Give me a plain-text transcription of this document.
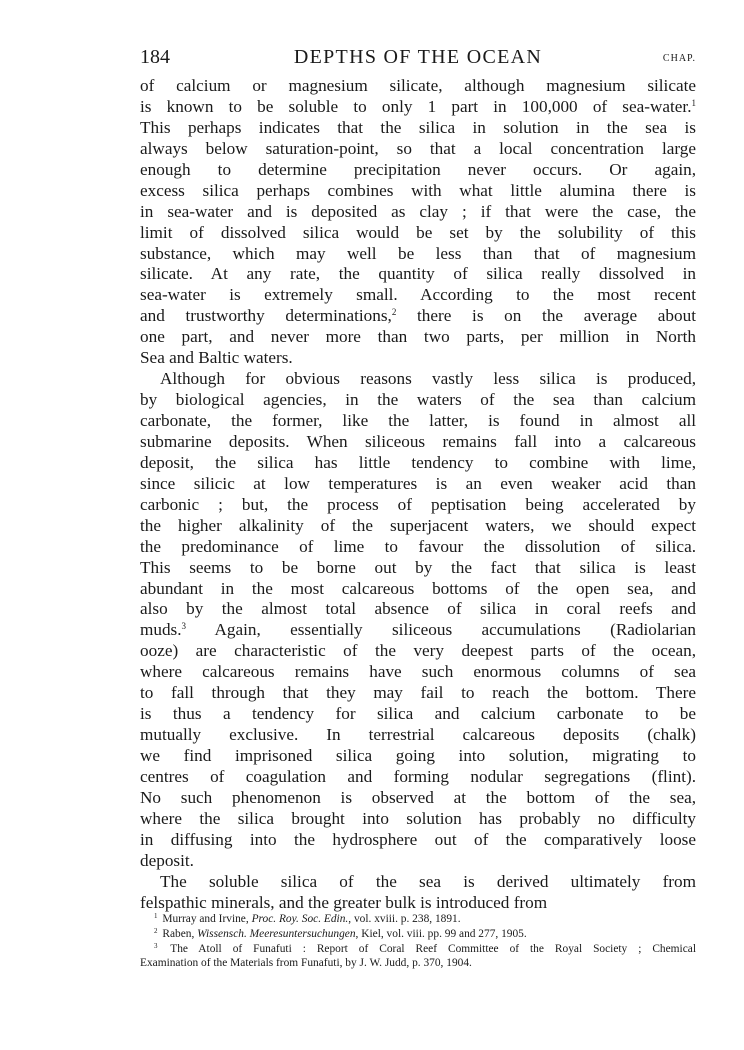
184	DEPTHS OF THE OCEAN	CHAP.
of calcium or magnesium silicate, although magnesium silicate
is known to be soluble to only 1 part in 100,000 of sea-water.$^1$
This perhaps indicates that the silica in solution in the sea is
always below saturation-point, so that a local concentration large
enough to determine precipitation never occurs. Or again,
excess silica perhaps combines with what little alumina there is
in sea-water and is deposited as clay ; if that were the case, the
limit of dissolved silica would be set by the solubility of this
substance, which may well be less than that of magnesium
silicate. At any rate, the quantity of silica really dissolved in
sea-water is extremely small. According to the most recent
and trustworthy determinations,$^2$ there is on the average about
one part, and never more than two parts, per million in North
Sea and Baltic waters.
Although for obvious reasons vastly less silica is produced,
by biological agencies, in the waters of the sea than calcium
carbonate, the former, like the latter, is found in almost all
submarine deposits. When siliceous remains fall into a calcareous
deposit, the silica has little tendency to combine with lime,
since silicic at low temperatures is an even weaker acid than
carbonic ; but, the process of peptisation being accelerated by
the higher alkalinity of the superjacent waters, we should expect
the predominance of lime to favour the dissolution of silica.
This seems to be borne out by the fact that silica is least
abundant in the most calcareous bottoms of the open sea, and
also by the almost total absence of silica in coral reefs and
muds.$^3$ Again, essentially siliceous accumulations (Radiolarian
ooze) are characteristic of the very deepest parts of the ocean,
where calcareous remains have such enormous columns of sea
to fall through that they may fail to reach the bottom. There
is thus a tendency for silica and calcium carbonate to be
mutually exclusive. In terrestrial calcareous deposits (chalk)
we find imprisoned silica going into solution, migrating to
centres of coagulation and forming nodular segregations (flint).
No such phenomenon is observed at the bottom of the sea,
where the silica brought into solution has probably no difficulty
in diffusing into the hydrosphere out of the comparatively loose
deposit.
The soluble silica of the sea is derived ultimately from
felspathic minerals, and the greater bulk is introduced from
$^1$ Murray and Irvine, Proc. Roy. Soc. Edin., vol. xviii. p. 238, 1891.
$^2$ Raben, Wissensch. Meeresuntersuchungen, Kiel, vol. viii. pp. 99 and 277, 1905.
$^3$ The Atoll of Funafuti : Report of Coral Reef Committee of the Royal Society ; Chemical
Examination of the Materials from Funafuti, by J. W. Judd, p. 370, 1904.
